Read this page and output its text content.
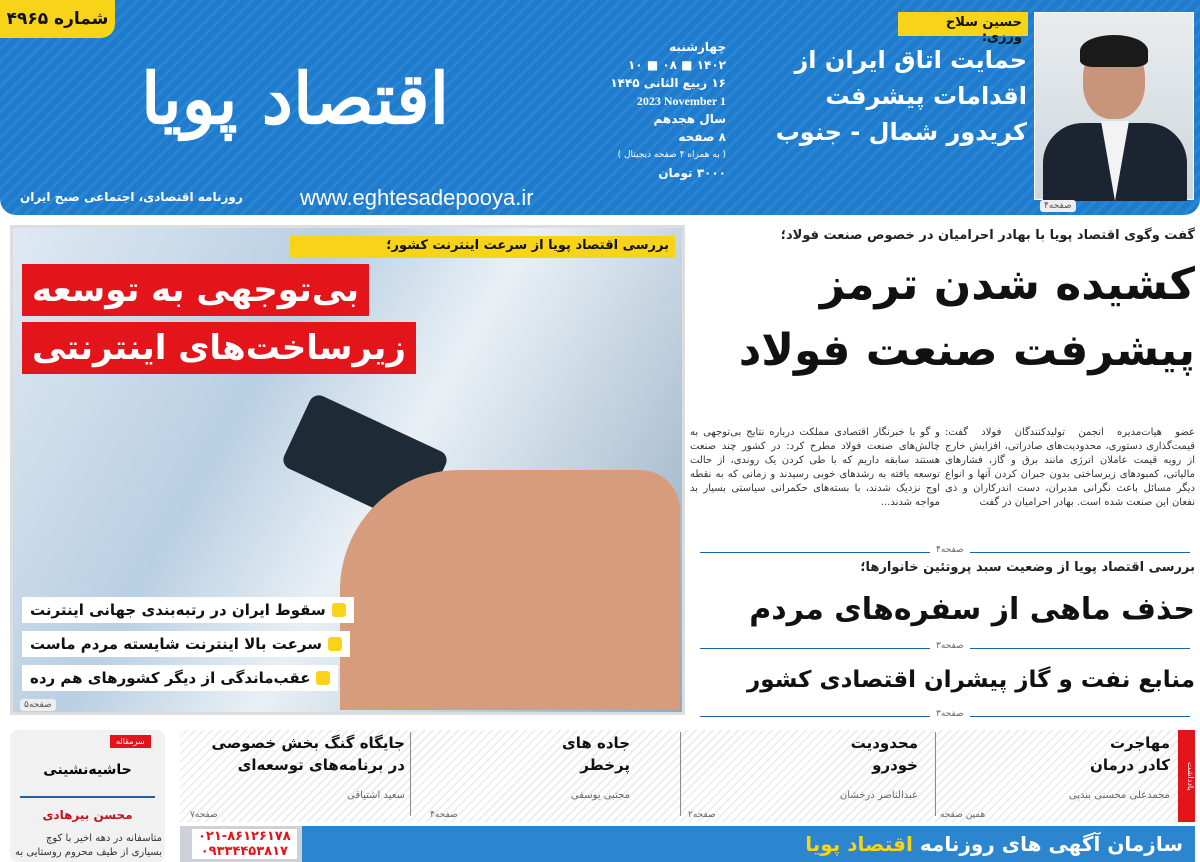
شماره ۴۹۶۵
اقتصاد پویا
روزنامه اقتصادی، اجتماعی صبح ایران	www.eghtesadepooya.ir
چهارشنبه
۱۴۰۲ ■ ۰۸ ■ ۱۰
۱۶ ربیع الثانی ۱۴۴۵
2023 November 1
سال هجدهم
۸ صفحه
( به همراه ۴ صفحه دیجیتال )
۳۰۰۰ تومان
حسین سلاح ورزی:
حمایت اتاق ایران از اقدامات پیشرفت کریدور شمال - جنوب
صفحه۴
بررسی اقتصاد پویا از سرعت اینترنت کشور؛
بی‌توجهی به توسعه
زیرساخت‌های اینترنتی
سقوط ایران در رتبه‌بندی جهانی اینترنت
سرعت بالا اینترنت شایسته مردم ماست
عقب‌ماندگی از دیگر کشورهای هم رده
صفحه۵
گفت وگوی اقتصاد پویا با بهادر احرامیان در خصوص صنعت فولاد؛
کشیده شدن ترمز پیشرفت صنعت فولاد
عضو هیات‌مدیره انجمن تولیدکنندگان فولاد گفت: قیمت‌گذاری دستوری، محدودیت‌های صادراتی، افزایش خارج از رویه قیمت عاملان انرژی مانند برق و گاز، فشارهای مالیاتی، کمبودهای زیرساختی بدون جبران کردن آنها و انواع دیگر مسائل باعث نگرانی مدیران، دست اندرکاران و ذی نفعان این صنعت شده است. بهادر احرامیان در گفت
و گو با خبرنگار اقتصادی مملکت درباره نتایج بی‌توجهی به چالش‌های صنعت فولاد مطرح کرد: در کشور چند صنعت هستند سابقه داریم که با طی کردن یک روندی، از حالت توسعه یافته به رشدهای خوبی رسیدند و زمانی که به نقطه اوج نزدیک شدند، با بسته‌های حکمرانی سیاستی بسیار بد مواجه شدند...
صفحه۴
بررسی اقتصاد پویا از وضعیت سبد پروتئین خانوارها؛
حذف ماهی از سفره‌های مردم
صفحه۳
منابع نفت و گاز پیشران اقتصادی کشور
صفحه۳
یادداشت
مهاجرت
کادر درمان
محمدعلی محسنی بندپی
همین صفحه
محدودیت
خودرو
عبدالناصر درخشان
صفحه۲
جاده های
پرخطر
مجتبی یوسفی
صفحه۴
جایگاه گنگ بخش خصوصی
در برنامه‌های توسعه‌ای
سعید اشتیاقی
صفحه۷
سرمقاله
حاشیه‌نشینی
محسن بیرهادی
متاسفانه در دهه اخیر با کوچ بسیاری از طیف محروم روستایی به	سازمان آگهی های روزنامه اقتصاد پویا
۰۲۱-۸۶۱۲۶۱۷۸
۰۹۳۳۴۴۵۳۸۱۷
